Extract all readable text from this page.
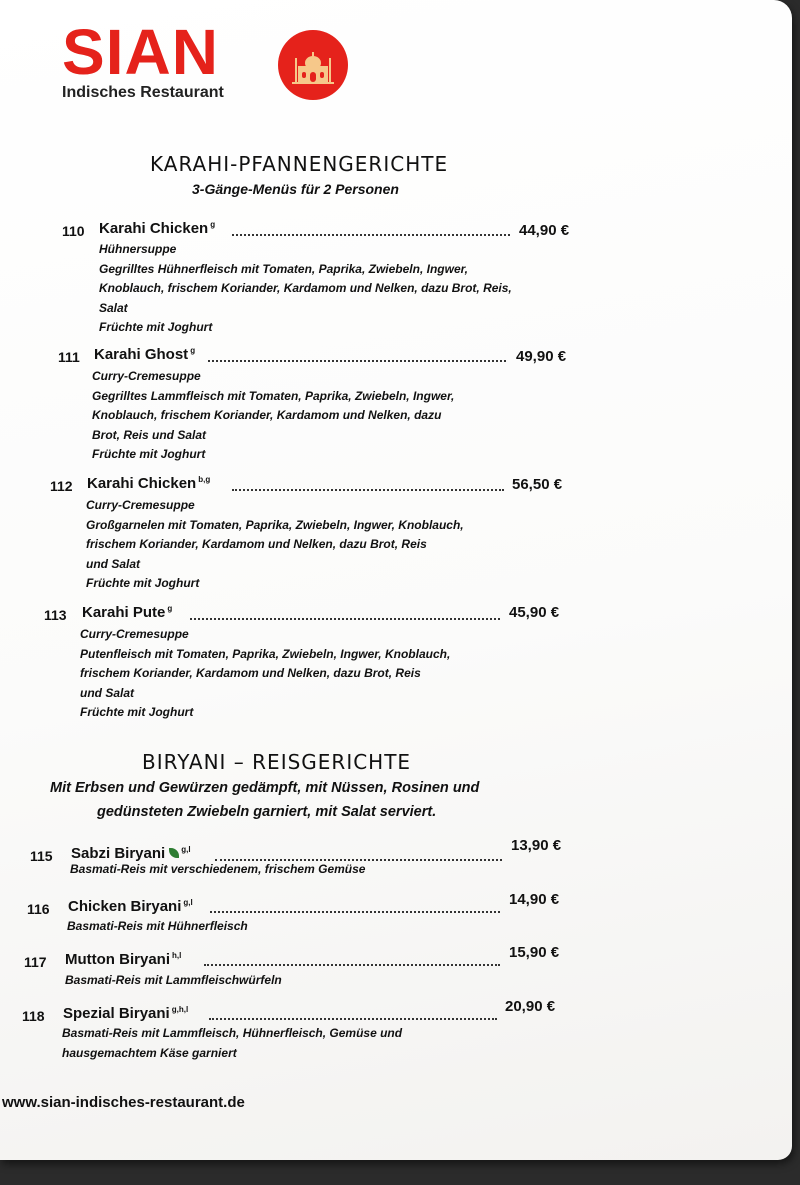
SIAN
Indisches Restaurant
KARAHI-PFANNENGERICHTE
3-Gänge-Menüs für 2 Personen
110 Karahi Chicken $^g$	44,90 €
Hühnersuppe
Gegrilltes Hühnerfleisch mit Tomaten, Paprika, Zwiebeln, Ingwer,
Knoblauch, frischem Koriander, Kardamom und Nelken, dazu Brot, Reis,
Salat
Früchte mit Joghurt
111 Karahi Ghost $^g$	49,90 €
Curry-Cremesuppe
Gegrilltes Lammfleisch mit Tomaten, Paprika, Zwiebeln, Ingwer,
Knoblauch, frischem Koriander, Kardamom und Nelken, dazu
Brot, Reis und Salat
Früchte mit Joghurt
112 Karahi Chicken $^{b,g}$	56,50 €
Curry-Cremesuppe
Großgarnelen mit Tomaten, Paprika, Zwiebeln, Ingwer, Knoblauch,
frischem Koriander, Kardamom und Nelken, dazu Brot, Reis
und Salat
Früchte mit Joghurt
113 Karahi Pute $^g$	45,90 €
Curry-Cremesuppe
Putenfleisch mit Tomaten, Paprika, Zwiebeln, Ingwer, Knoblauch,
frischem Koriander, Kardamom und Nelken, dazu Brot, Reis
und Salat
Früchte mit Joghurt
BIRYANI – REISGERICHTE
Mit Erbsen und Gewürzen gedämpft, mit Nüssen, Rosinen und
gedünsteten Zwiebeln garniert, mit Salat serviert.
115 Sabzi Biryani $^{g,l}$	13,90 €
Basmati-Reis mit verschiedenem, frischem Gemüse
116 Chicken Biryani $^{g,l}$	14,90 €
Basmati-Reis mit Hühnerfleisch
117 Mutton Biryani $^{h,l}$	15,90 €
Basmati-Reis mit Lammfleischwürfeln
118 Spezial Biryani $^{g,h,l}$	20,90 €
Basmati-Reis mit Lammfleisch, Hühnerfleisch, Gemüse und
hausgemachtem Käse garniert
www.sian-indisches-restaurant.de
